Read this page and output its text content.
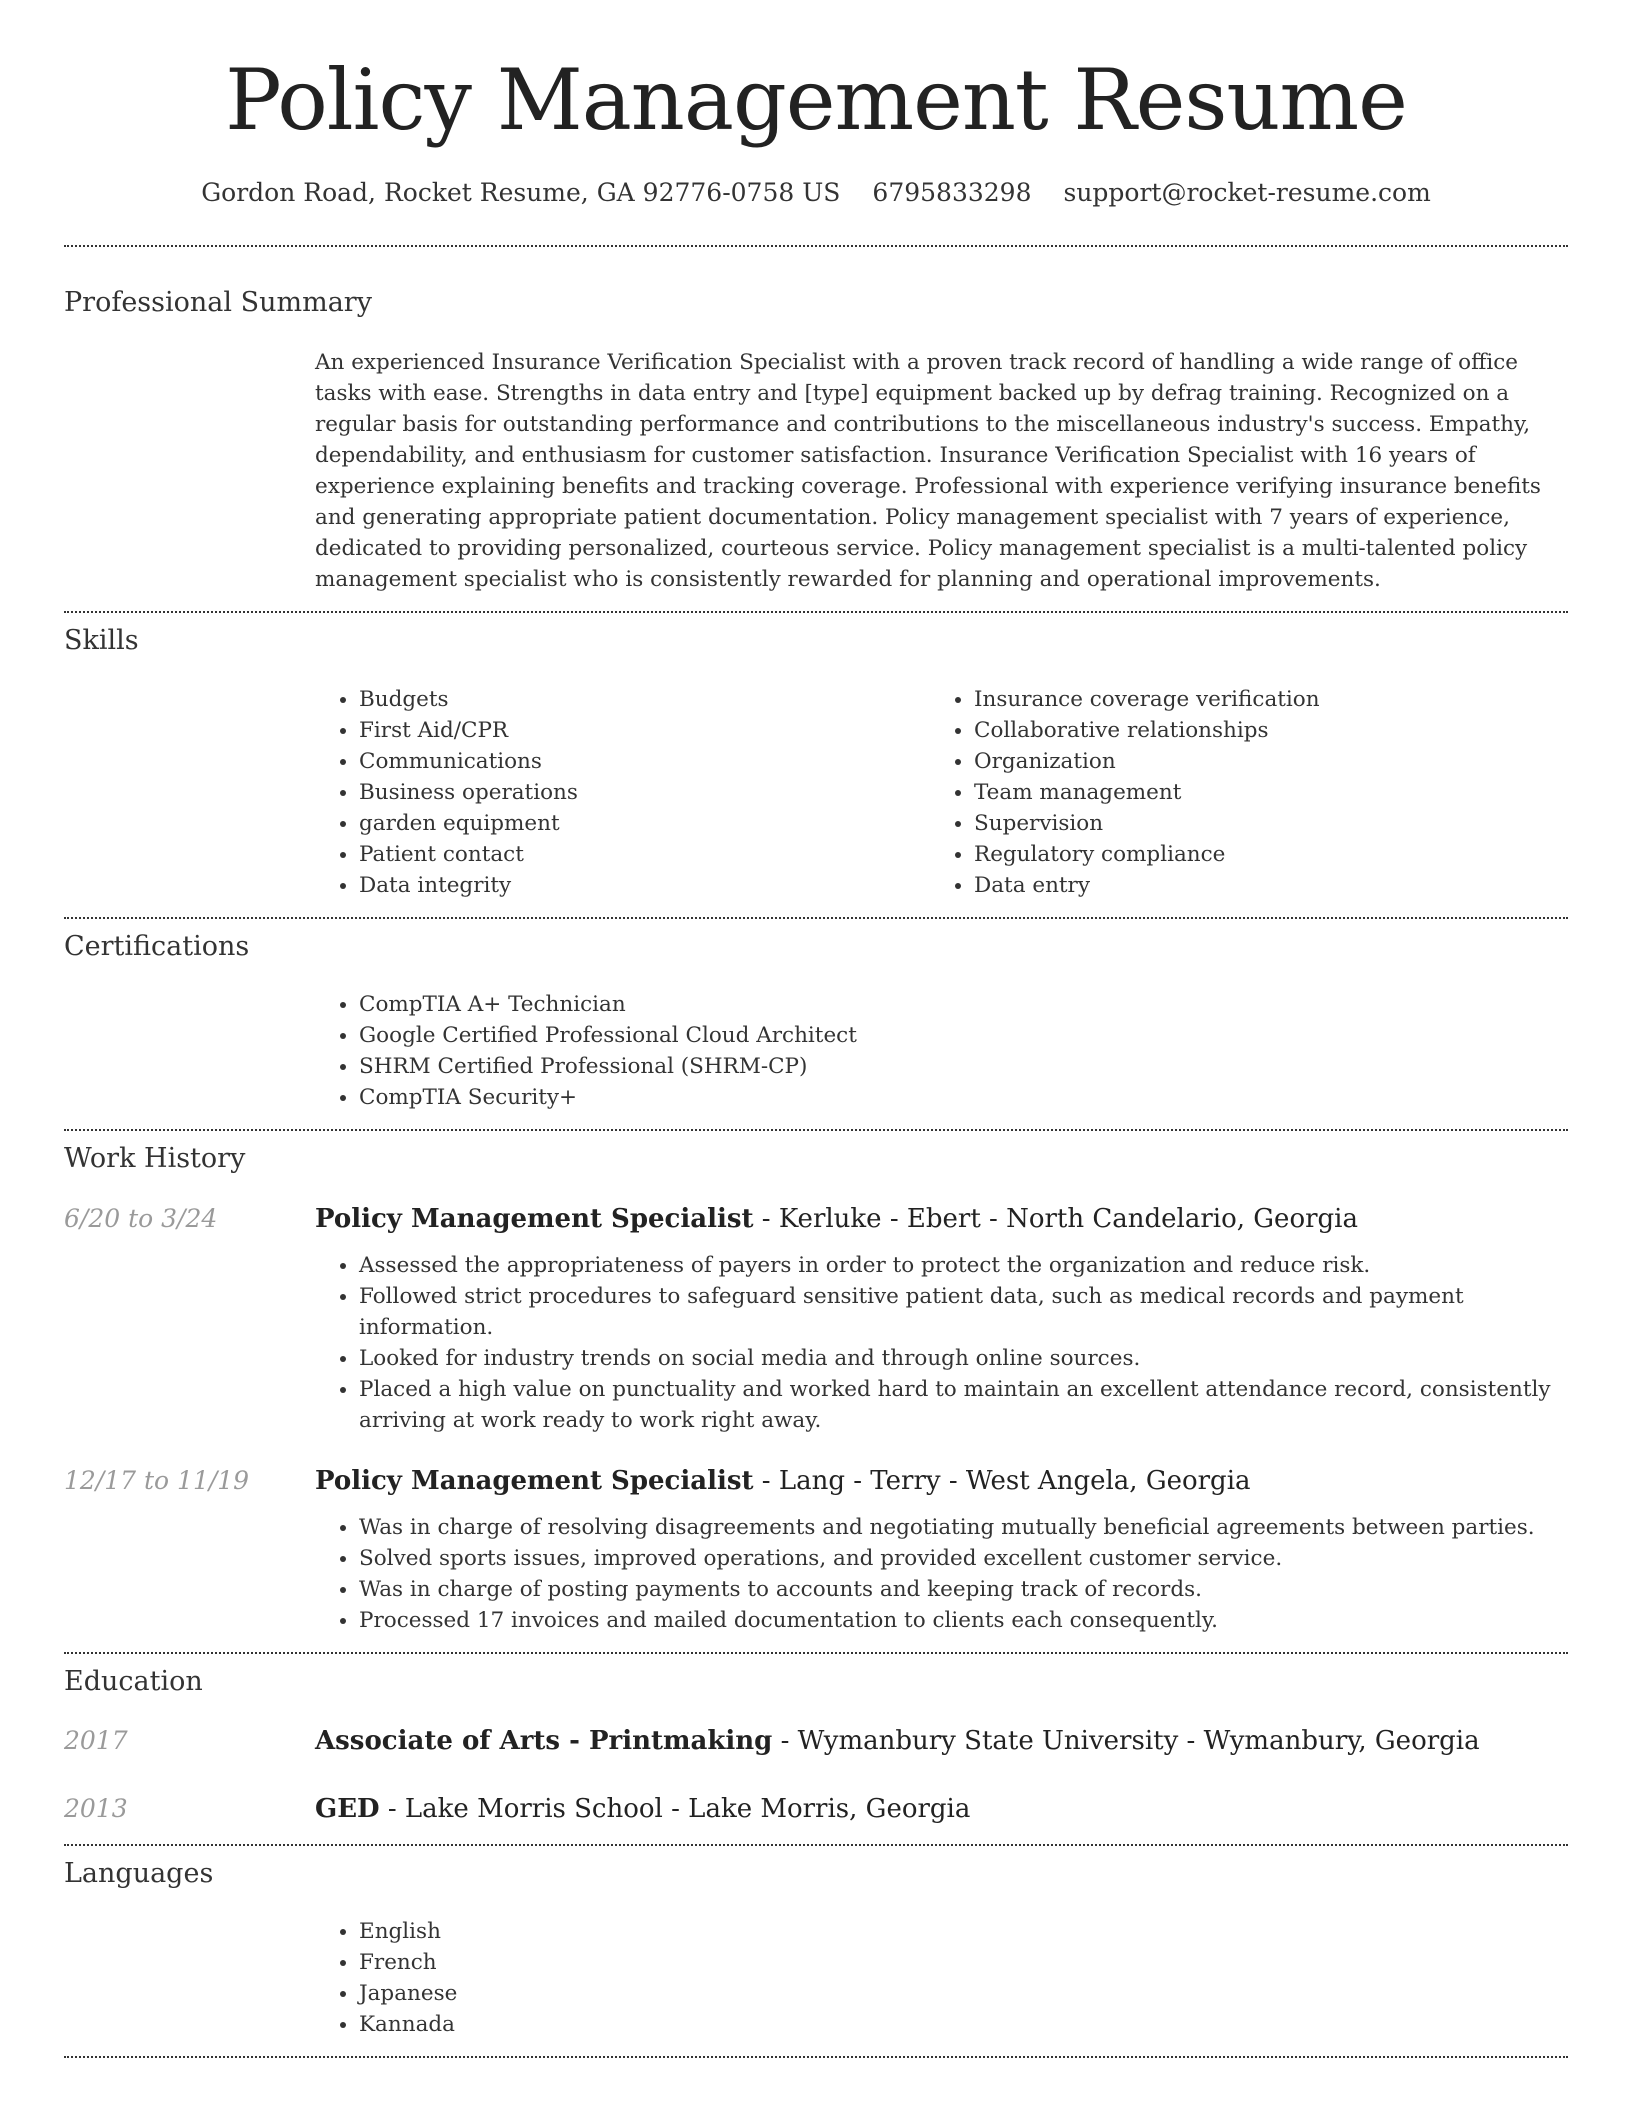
Policy Management Resume
Gordon Road, Rocket Resume, GA 92776-0758 US 6795833298 support@rocket-resume.com
Professional Summary

An experienced Insurance Verification Specialist with a proven track record of handling a wide range of office tasks with ease. Strengths in data entry and [type] equipment backed up by defrag training. Recognized on a regular basis for outstanding performance and contributions to the miscellaneous industry's success. Empathy, dependability, and enthusiasm for customer satisfaction. Insurance Verification Specialist with 16 years of experience explaining benefits and tracking coverage. Professional with experience verifying insurance benefits and generating appropriate patient documentation. Policy management specialist with 7 years of experience, dedicated to providing personalized, courteous service. Policy management specialist is a multi-talented policy management specialist who is consistently rewarded for planning and operational improvements.

Skills
• Budgets
• First Aid/CPR
• Communications
• Business operations
• garden equipment
• Patient contact
• Data integrity
• Insurance coverage verification
• Collaborative relationships
• Organization
• Team management
• Supervision
• Regulatory compliance
• Data entry
Certifications
• CompTIA A+ Technician
• Google Certified Professional Cloud Architect
• SHRM Certified Professional (SHRM-CP)
• CompTIA Security+
Work History
6/20 to 3/24	Policy Management Specialist - Kerluke - Ebert - North Candelario, Georgia
• Assessed the appropriateness of payers in order to protect the organization and reduce risk.
• Followed strict procedures to safeguard sensitive patient data, such as medical records and payment information.
• Looked for industry trends on social media and through online sources.
• Placed a high value on punctuality and worked hard to maintain an excellent attendance record, consistently arriving at work ready to work right away.
12/17 to 11/19	Policy Management Specialist - Lang - Terry - West Angela, Georgia
• Was in charge of resolving disagreements and negotiating mutually beneficial agreements between parties.
• Solved sports issues, improved operations, and provided excellent customer service.
• Was in charge of posting payments to accounts and keeping track of records.
• Processed 17 invoices and mailed documentation to clients each consequently.
Education
2017	Associate of Arts - Printmaking - Wymanbury State University - Wymanbury, Georgia
2013	GED - Lake Morris School - Lake Morris, Georgia
Languages
• English
• French
• Japanese
• Kannada
